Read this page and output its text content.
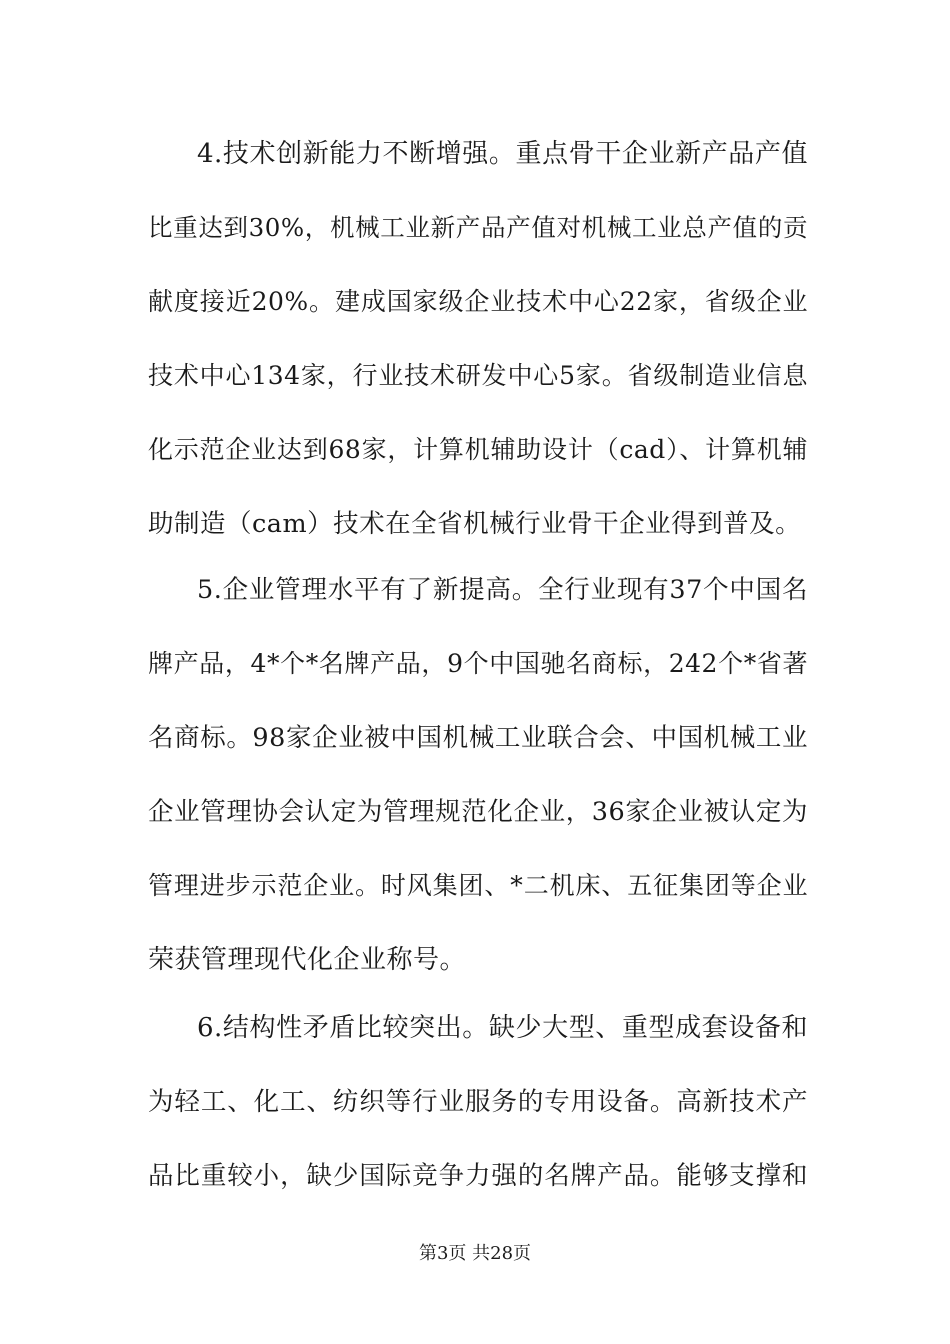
4.技术创新能力不断增强。重点骨干企业新产品产值
比重达到30%，机械工业新产品产值对机械工业总产值的贡
献度接近20%。建成国家级企业技术中心22家，省级企业
技术中心134家，行业技术研发中心5家。省级制造业信息
化示范企业达到68家，计算机辅助设计（cad）、计算机辅
助制造（cam）技术在全省机械行业骨干企业得到普及。
5.企业管理水平有了新提高。全行业现有37个中国名
牌产品，4*个*名牌产品，9个中国驰名商标，242个*省著
名商标。98家企业被中国机械工业联合会、中国机械工业
企业管理协会认定为管理规范化企业，36家企业被认定为
管理进步示范企业。时风集团、*二机床、五征集团等企业
荣获管理现代化企业称号。
6.结构性矛盾比较突出。缺少大型、重型成套设备和
为轻工、化工、纺织等行业服务的专用设备。高新技术产
品比重较小，缺少国际竞争力强的名牌产品。能够支撑和
第3页 共28页
